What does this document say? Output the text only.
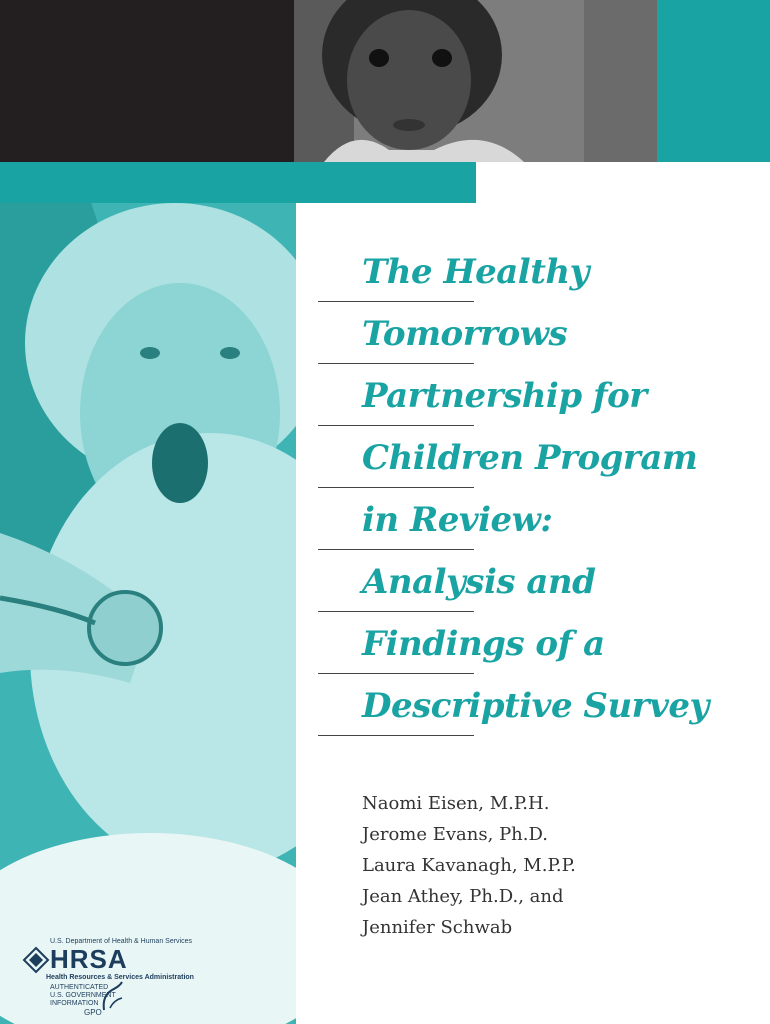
The Healthy
Tomorrows
Partnership for
Children Program
in Review:
Analysis and
Findings of a
Descriptive Survey
Naomi Eisen, M.P.H.
Jerome Evans, Ph.D.
Laura Kavanagh, M.P.P.
Jean Athey, Ph.D., and
Jennifer Schwab
U.S. Department of Health & Human Services
HRSA
Health Resources & Services Administration
AUTHENTICATED
U.S. GOVERNMENT
INFORMATION
GPO
